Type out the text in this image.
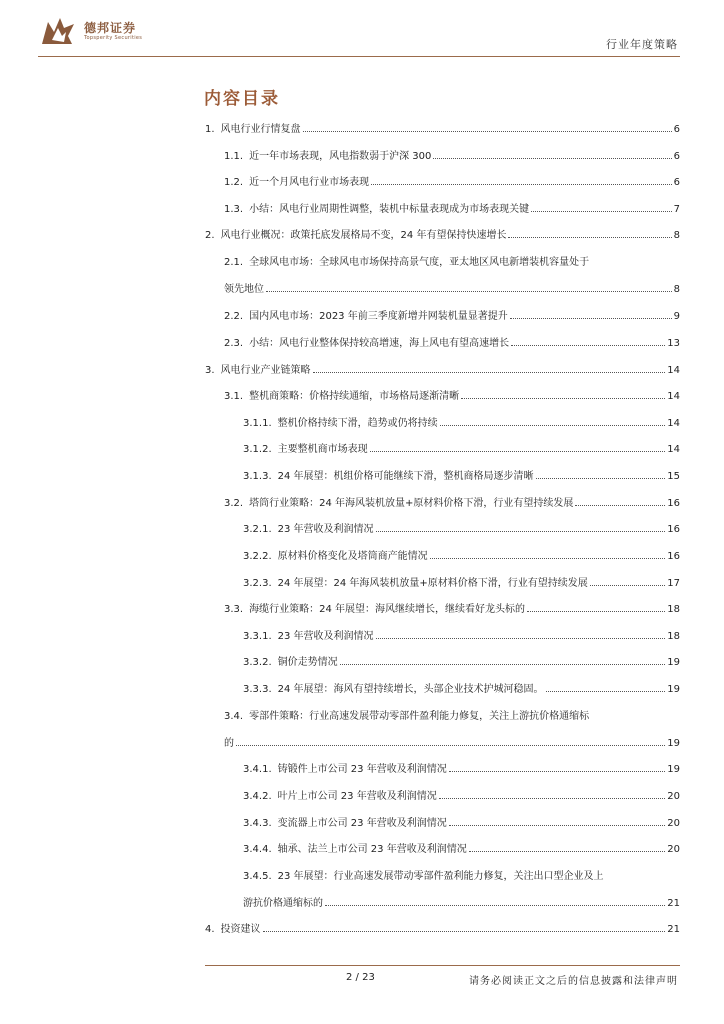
德邦证券
Topsperity Securities	行业年度策略
内容目录
1. 风电行业行情复盘	6
1.1. 近一年市场表现，风电指数弱于沪深 300	6
1.2. 近一个月风电行业市场表现	6
1.3. 小结：风电行业周期性调整，装机中标量表现成为市场表现关键	7
2. 风电行业概况：政策托底发展格局不变，24 年有望保持快速增长	8
2.1. 全球风电市场：全球风电市场保持高景气度，亚太地区风电新增装机容量处于
领先地位	8
2.2. 国内风电市场：2023 年前三季度新增并网装机量显著提升	9
2.3. 小结：风电行业整体保持较高增速，海上风电有望高速增长	13
3. 风电行业产业链策略	14
3.1. 整机商策略：价格持续通缩，市场格局逐渐清晰	14
3.1.1. 整机价格持续下滑，趋势或仍将持续	14
3.1.2. 主要整机商市场表现	14
3.1.3. 24 年展望：机组价格可能继续下滑，整机商格局逐步清晰	15
3.2. 塔筒行业策略：24 年海风装机放量+原材料价格下滑，行业有望持续发展	16
3.2.1. 23 年营收及利润情况	16
3.2.2. 原材料价格变化及塔筒商产能情况	16
3.2.3. 24 年展望：24 年海风装机放量+原材料价格下滑，行业有望持续发展	17
3.3. 海缆行业策略：24 年展望：海风继续增长，继续看好龙头标的	18
3.3.1. 23 年营收及利润情况	18
3.3.2. 铜价走势情况	19
3.3.3. 24 年展望：海风有望持续增长，头部企业技术护城河稳固。	19
3.4. 零部件策略：行业高速发展带动零部件盈利能力修复，关注上游抗价格通缩标
的	19
3.4.1. 铸锻件上市公司 23 年营收及利润情况	19
3.4.2. 叶片上市公司 23 年营收及利润情况	20
3.4.3. 变流器上市公司 23 年营收及利润情况	20
3.4.4. 轴承、法兰上市公司 23 年营收及利润情况	20
3.4.5. 23 年展望：行业高速发展带动零部件盈利能力修复，关注出口型企业及上
游抗价格通缩标的	21
4. 投资建议	21
2 / 23	请务必阅读正文之后的信息披露和法律声明
